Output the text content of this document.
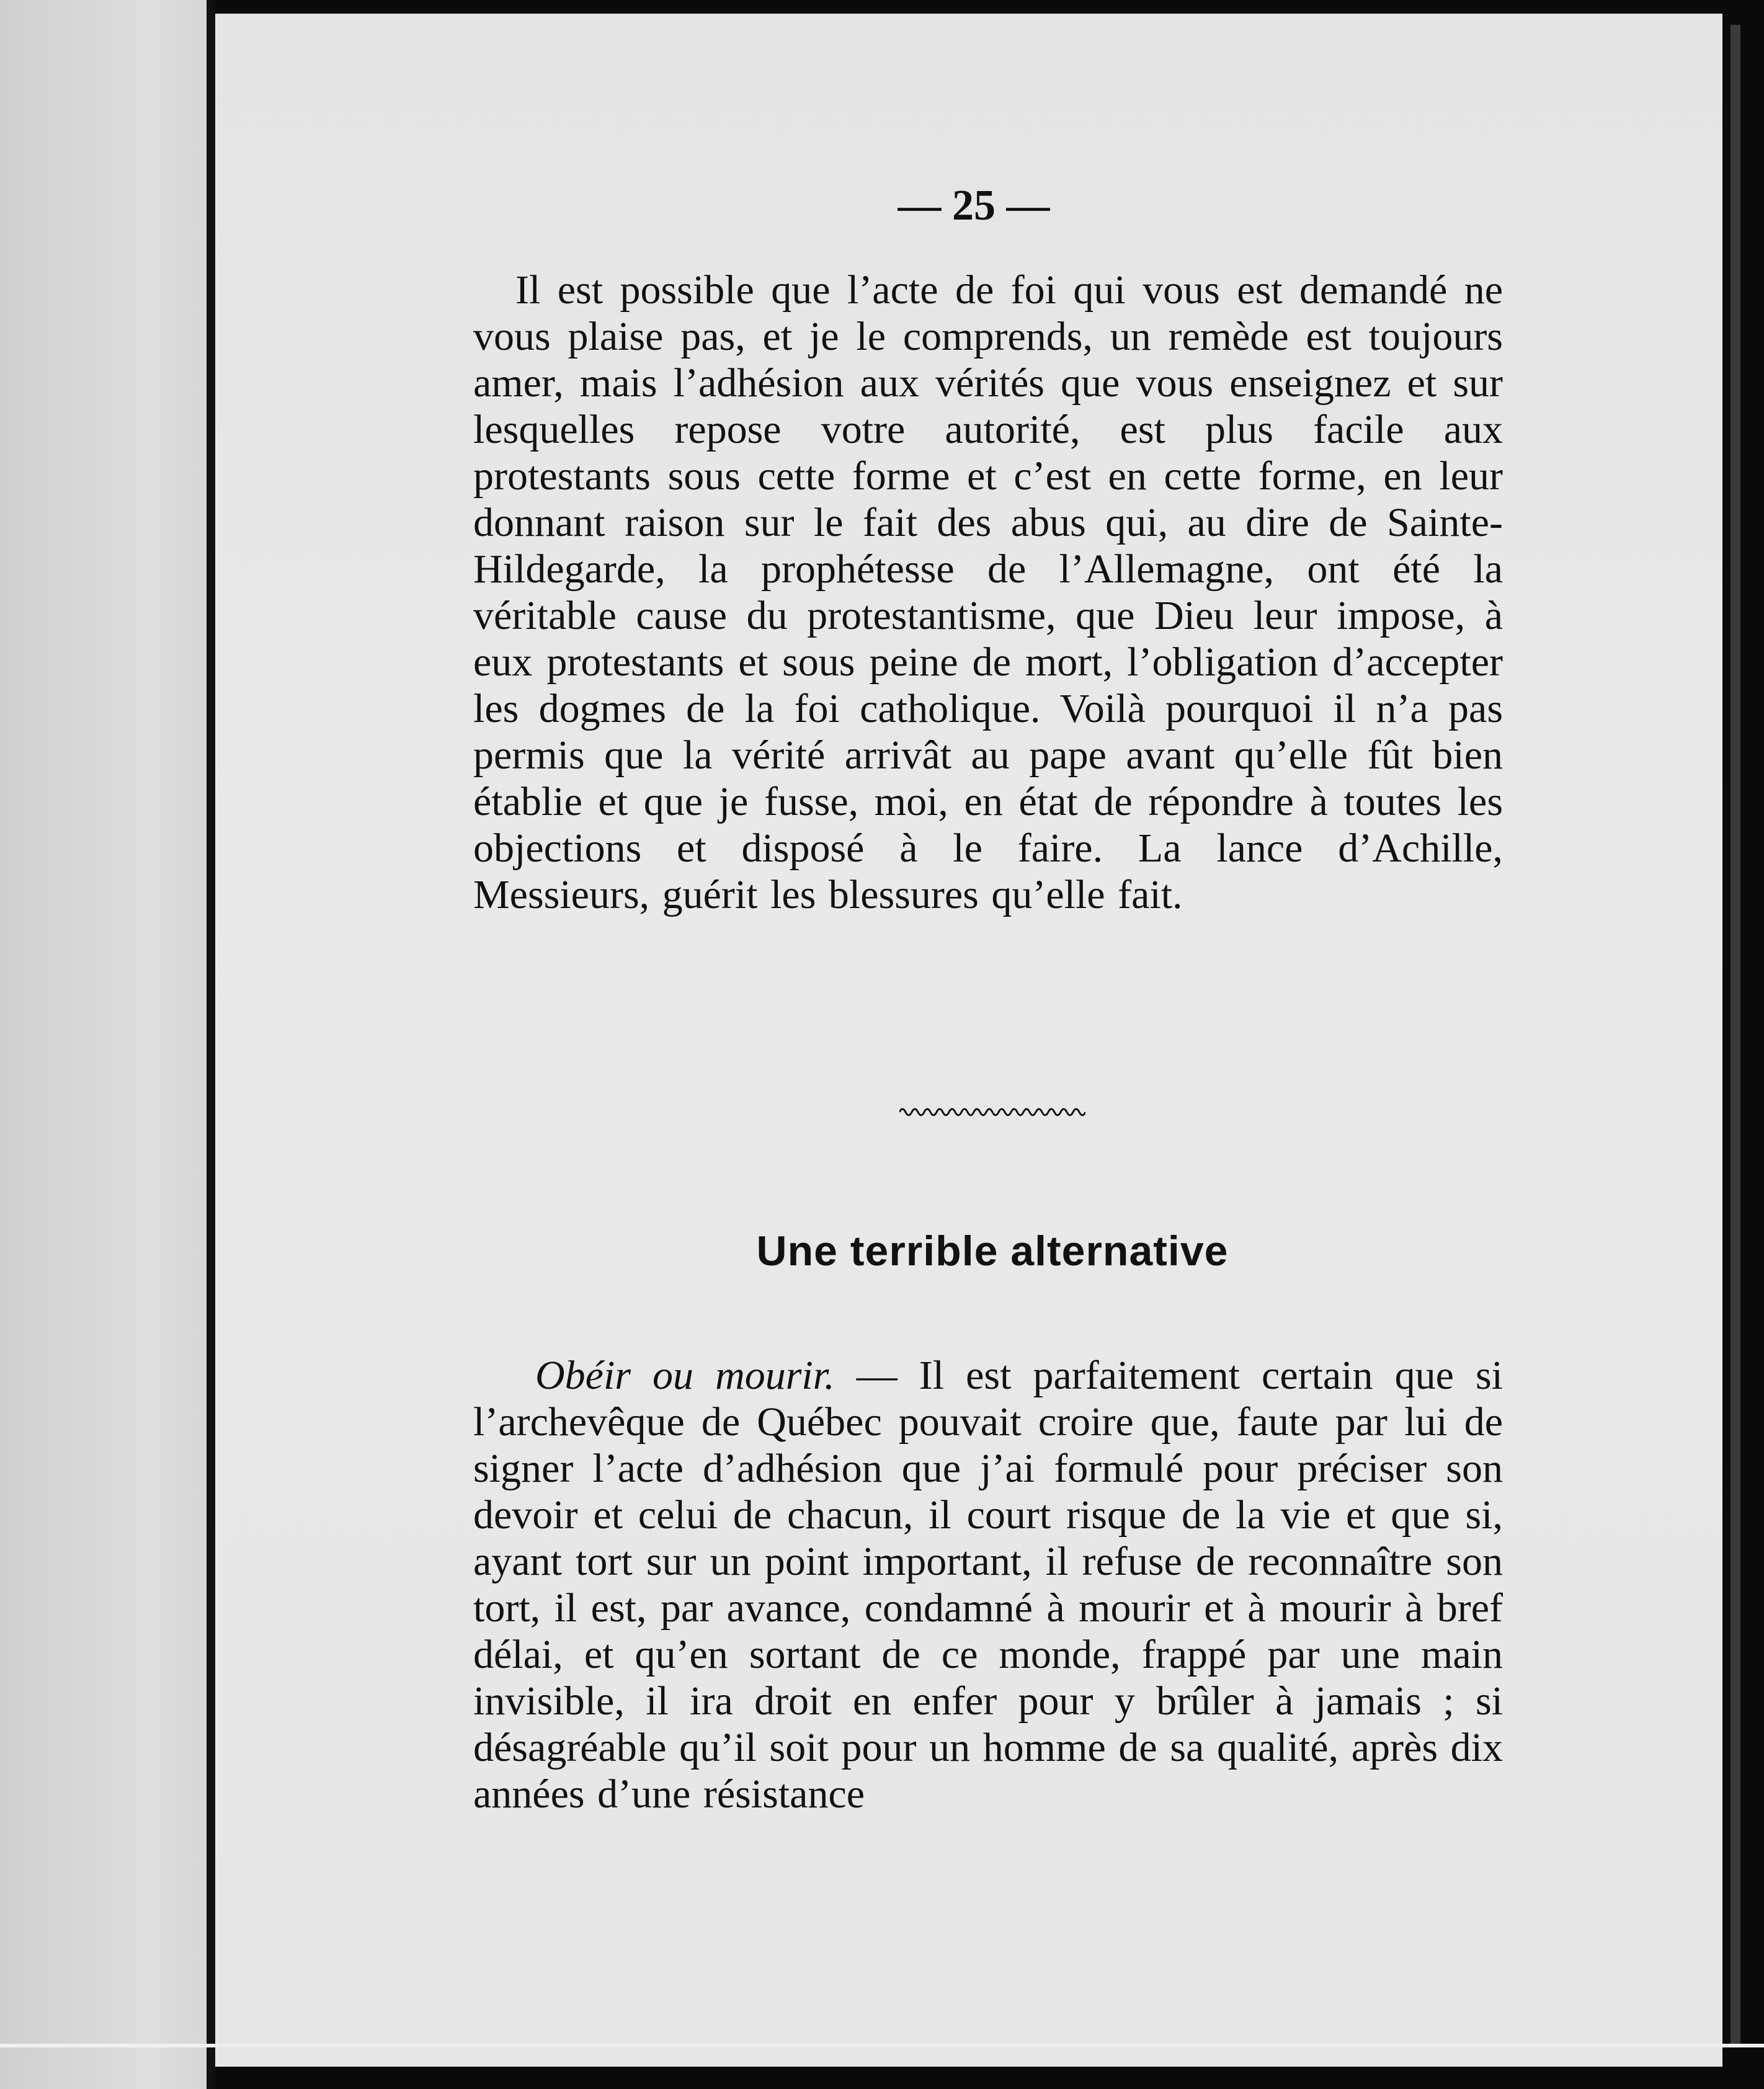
— 25 —

Il est possible que l’acte de foi qui vous est demandé ne vous plaise pas, et je le comprends, un remède est toujours amer, mais l’adhésion aux vérités que vous enseignez et sur lesquelles repose votre autorité, est plus facile aux protestants sous cette forme et c’est en cette forme, en leur donnant raison sur le fait des abus qui, au dire de Sainte-Hildegarde, la prophétesse de l’Allemagne, ont été la véritable cause du protestantisme, que Dieu leur impose, à eux protestants et sous peine de mort, l’obligation d’accepter les dogmes de la foi catholique. Voilà pourquoi il n’a pas permis que la vérité arrivât au pape avant qu’elle fût bien établie et que je fusse, moi, en état de répondre à toutes les objections et disposé à le faire. La lance d’Achille, Messieurs, guérit les blessures qu’elle fait.

Une terrible alternative

Obéir ou mourir. — Il est parfaitement certain que si l’archevêque de Québec pouvait croire que, faute par lui de signer l’acte d’adhésion que j’ai formulé pour préciser son devoir et celui de chacun, il court risque de la vie et que si, ayant tort sur un point important, il refuse de reconnaître son tort, il est, par avance, condamné à mourir et à mourir à bref délai, et qu’en sortant de ce monde, frappé par une main invisible, il ira droit en enfer pour y brûler à jamais ; si désagréable qu’il soit pour un homme de sa qualité, après dix années d’une résistance
